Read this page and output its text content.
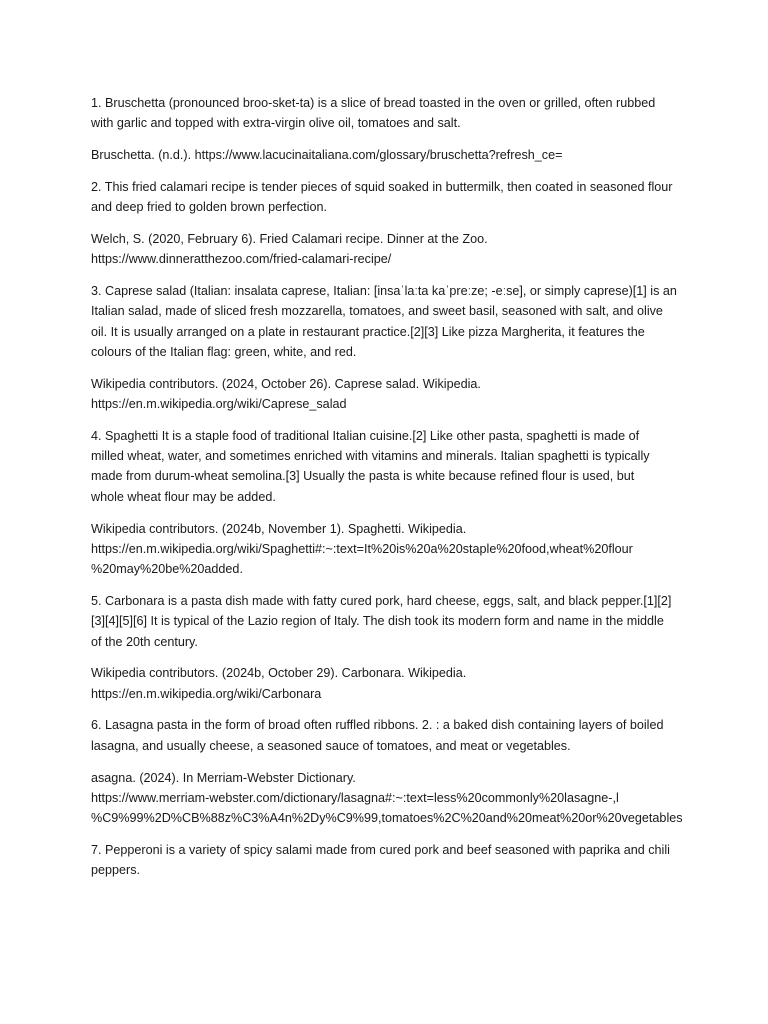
1. Bruschetta (pronounced broo-sket-ta) is a slice of bread toasted in the oven or grilled, often rubbed
with garlic and topped with extra-virgin olive oil, tomatoes and salt.

Bruschetta. (n.d.). https://www.lacucinaitaliana.com/glossary/bruschetta?refresh_ce=

2. This fried calamari recipe is tender pieces of squid soaked in buttermilk, then coated in seasoned flour
and deep fried to golden brown perfection.

Welch, S. (2020, February 6). Fried Calamari recipe. Dinner at the Zoo.
https://www.dinneratthezoo.com/fried-calamari-recipe/

3. Caprese salad (Italian: insalata caprese, Italian: [insaˈlaːta kaˈpreːze; -eːse], or simply caprese)[1] is an
Italian salad, made of sliced fresh mozzarella, tomatoes, and sweet basil, seasoned with salt, and olive
oil. It is usually arranged on a plate in restaurant practice.[2][3] Like pizza Margherita, it features the
colours of the Italian flag: green, white, and red.

Wikipedia contributors. (2024, October 26). Caprese salad. Wikipedia.
https://en.m.wikipedia.org/wiki/Caprese_salad

4. Spaghetti It is a staple food of traditional Italian cuisine.[2] Like other pasta, spaghetti is made of
milled wheat, water, and sometimes enriched with vitamins and minerals. Italian spaghetti is typically
made from durum-wheat semolina.[3] Usually the pasta is white because refined flour is used, but
whole wheat flour may be added.

Wikipedia contributors. (2024b, November 1). Spaghetti. Wikipedia.
https://en.m.wikipedia.org/wiki/Spaghetti#:~:text=It%20is%20a%20staple%20food,wheat%20flour
%20may%20be%20added.

5. Carbonara is a pasta dish made with fatty cured pork, hard cheese, eggs, salt, and black pepper.[1][2]
[3][4][5][6] It is typical of the Lazio region of Italy. The dish took its modern form and name in the middle
of the 20th century.

Wikipedia contributors. (2024b, October 29). Carbonara. Wikipedia.
https://en.m.wikipedia.org/wiki/Carbonara

6. Lasagna pasta in the form of broad often ruffled ribbons. 2. : a baked dish containing layers of boiled
lasagna, and usually cheese, a seasoned sauce of tomatoes, and meat or vegetables.

asagna. (2024). In Merriam-Webster Dictionary.
https://www.merriam-webster.com/dictionary/lasagna#:~:text=less%20commonly%20lasagne-,l
%C9%99%2D%CB%88z%C3%A4n%2Dy%C9%99,tomatoes%2C%20and%20meat%20or%20vegetables

7. Pepperoni is a variety of spicy salami made from cured pork and beef seasoned with paprika and chili
peppers.
